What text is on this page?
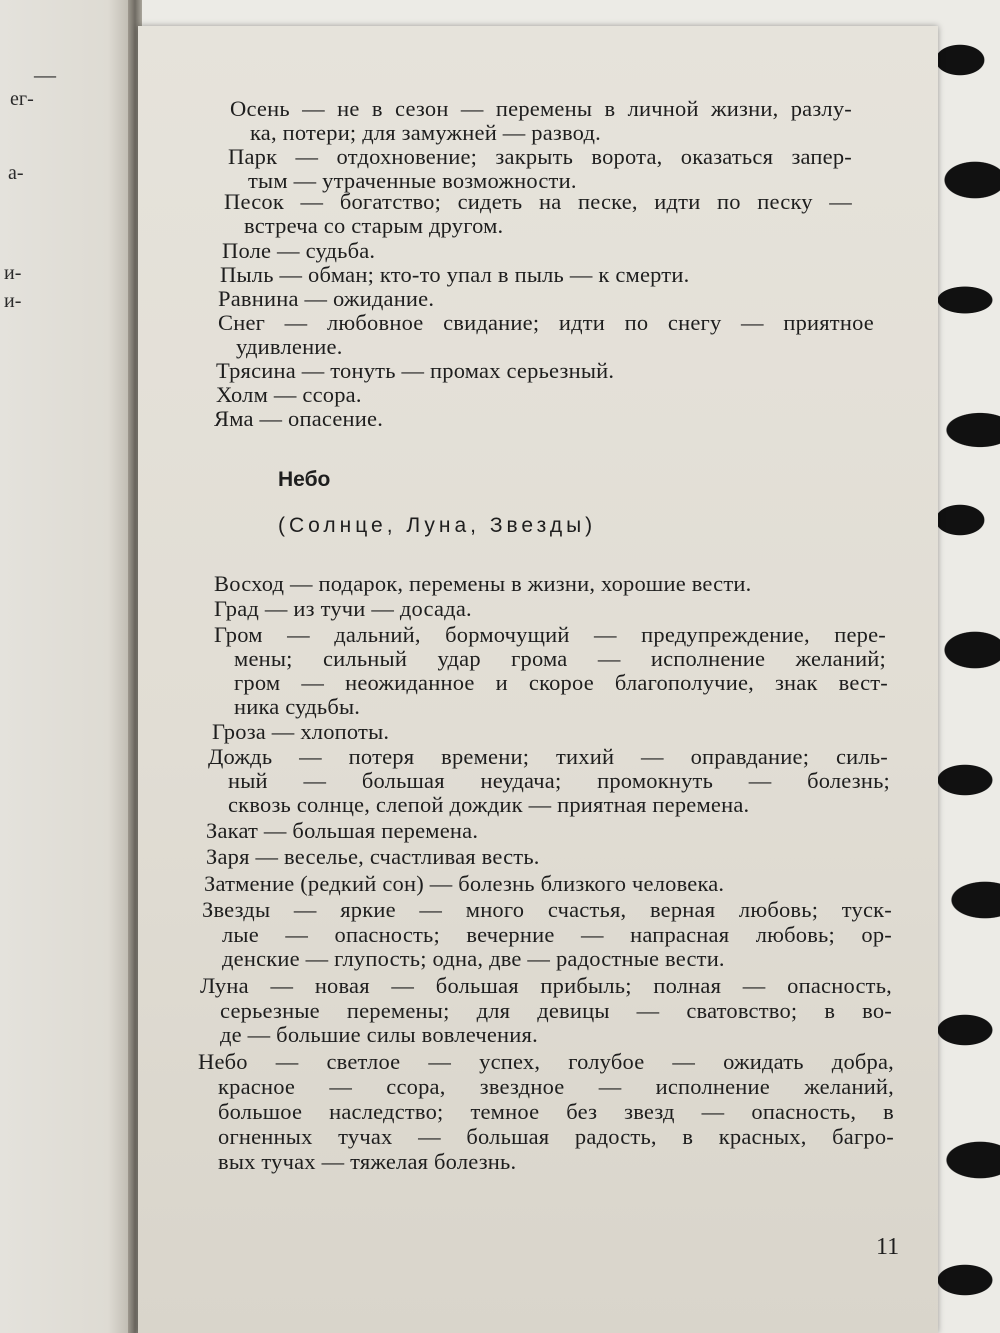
—
ег-
а-
и-
и-
Осень — не в сезон — перемены в личной жизни, разлу-
ка, потери; для замужней — развод.
Парк — отдохновение; закрыть ворота, оказаться запер-
тым — утраченные возможности.
Песок — богатство; сидеть на песке, идти по песку —
встреча со старым другом.
Поле — судьба.
Пыль — обман; кто-то упал в пыль — к смерти.
Равнина — ожидание.
Снег — любовное свидание; идти по снегу — приятное
удивление.
Трясина — тонуть — промах серьезный.
Холм — ссора.
Яма — опасение.
Небо
(Солнце, Луна, Звезды)
Восход — подарок, перемены в жизни, хорошие вести.
Град — из тучи — досада.
Гром — дальний, бормочущий — предупреждение, пере-
мены; сильный удар грома — исполнение желаний;
гром — неожиданное и скорое благополучие, знак вест-
ника судьбы.
Гроза — хлопоты.
Дождь — потеря времени; тихий — оправдание; силь-
ный — большая неудача; промокнуть — болезнь;
сквозь солнце, слепой дождик — приятная перемена.
Закат — большая перемена.
Заря — веселье, счастливая весть.
Затмение (редкий сон) — болезнь близкого человека.
Звезды — яркие — много счастья, верная любовь; туск-
лые — опасность; вечерние — напрасная любовь; ор-
денские — глупость; одна, две — радостные вести.
Луна — новая — большая прибыль; полная — опасность,
серьезные перемены; для девицы — сватовство; в во-
де — большие силы вовлечения.
Небо — светлое — успех, голубое — ожидать добра,
красное — ссора, звездное — исполнение желаний,
большое наследство; темное без звезд — опасность, в
огненных тучах — большая радость, в красных, багро-
вых тучах — тяжелая болезнь.
11
